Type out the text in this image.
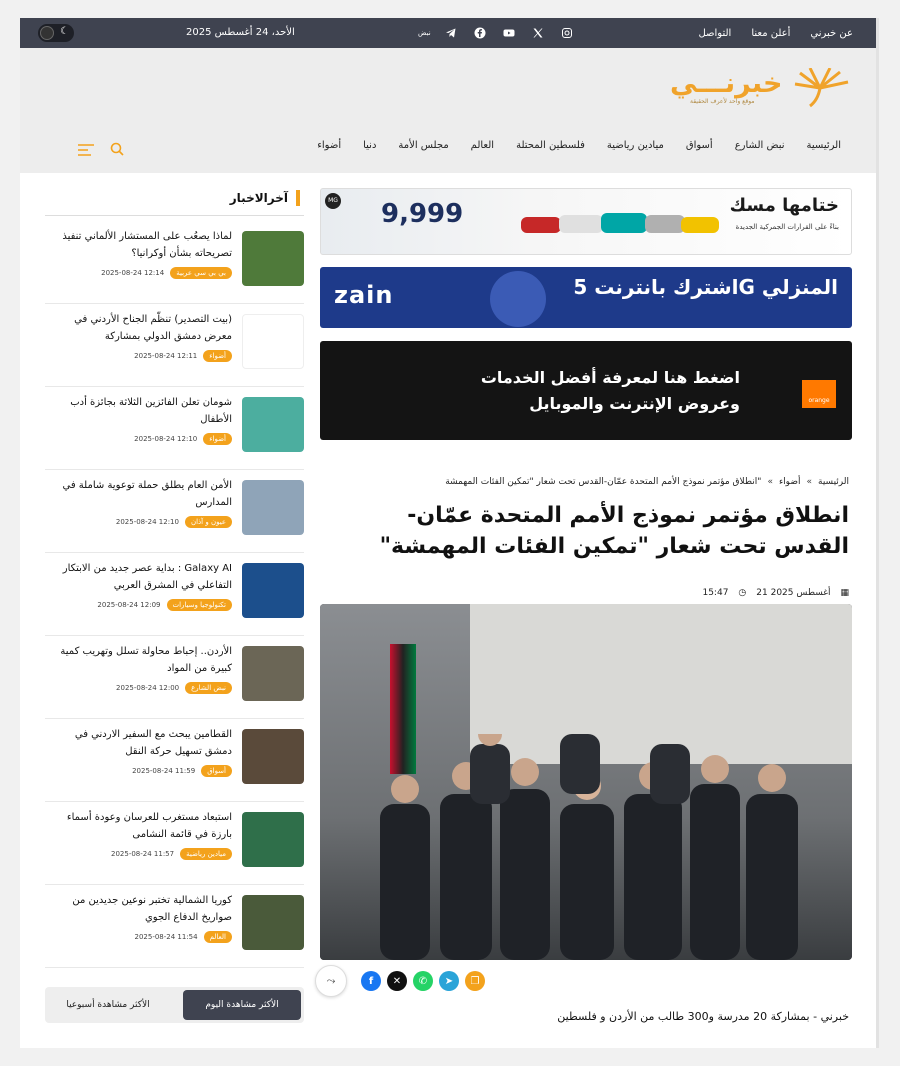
عن خبرني
أعلن معنا
التواصل
نبض
الأحد، 24 أغسطس 2025
☾
خبرنـــي
موقع واحد لأعرف الحقيقة
الرئيسية
نبض الشارع
أسواق
ميادين رياضية
فلسطين المحتلة
العالم
مجلس الأمة
دنيا
أضواء
MG 9,999	ختامها مسك
بناءً على القرارات الجمركية الجديدة
zain	اشترك بانترنت 5G المنزلي
اضغط هنا لمعرفة أفضل الخدمات
وعروض الإنترنت والموبايل	orange
الرئيسية
«
أضواء
«
انطلاق مؤتمر نموذج الأمم المتحدة عمّان-القدس تحت شعار "تمكين الفئات المهمشة"
انطلاق مؤتمر نموذج الأمم المتحدة عمّان-القدس تحت شعار "تمكين الفئات المهمشة"
▦
21 أغسطس 2025
◷
15:47
⤳	f	✕	✆	➤	❐

خبرني - بمشاركة 20 مدرسة و300 طالب من الأردن و فلسطين

آخرالاخبار
لماذا يصعُب على المستشار الألماني تنفيذ تصريحاته بشأن أوكرانيا؟
بي بي سي عربية
2025-08-24 12:14
(بيت التصدير) تنظّم الجناح الأردني في معرض دمشق الدولي بمشاركة
أضواء
2025-08-24 12:11
شومان تعلن الفائزين الثلاثة بجائزة أدب الأطفال
أضواء
2025-08-24 12:10
الأمن العام يطلق حملة توعوية شاملة في المدارس
عيون و آذان
2025-08-24 12:10
Galaxy AI : بداية عصر جديد من الابتكار التفاعلي في المشرق العربي
تكنولوجيا وسيارات
2025-08-24 12:09
الأردن.. إحباط محاولة تسلل وتهريب كمية كبيرة من المواد
نبض الشارع
2025-08-24 12:00
القطامين يبحث مع السفير الاردني في دمشق تسهيل حركة النقل
أسواق
2025-08-24 11:59
استبعاد مستغرب للعرسان وعودة أسماء بارزة في قائمة النشامى
ميادين رياضية
2025-08-24 11:57
كوريا الشمالية تختبر نوعين جديدين من صواريخ الدفاع الجوي
العالم
2025-08-24 11:54
الأكثر مشاهدة اليوم
الأكثر مشاهدة أسبوعيا
